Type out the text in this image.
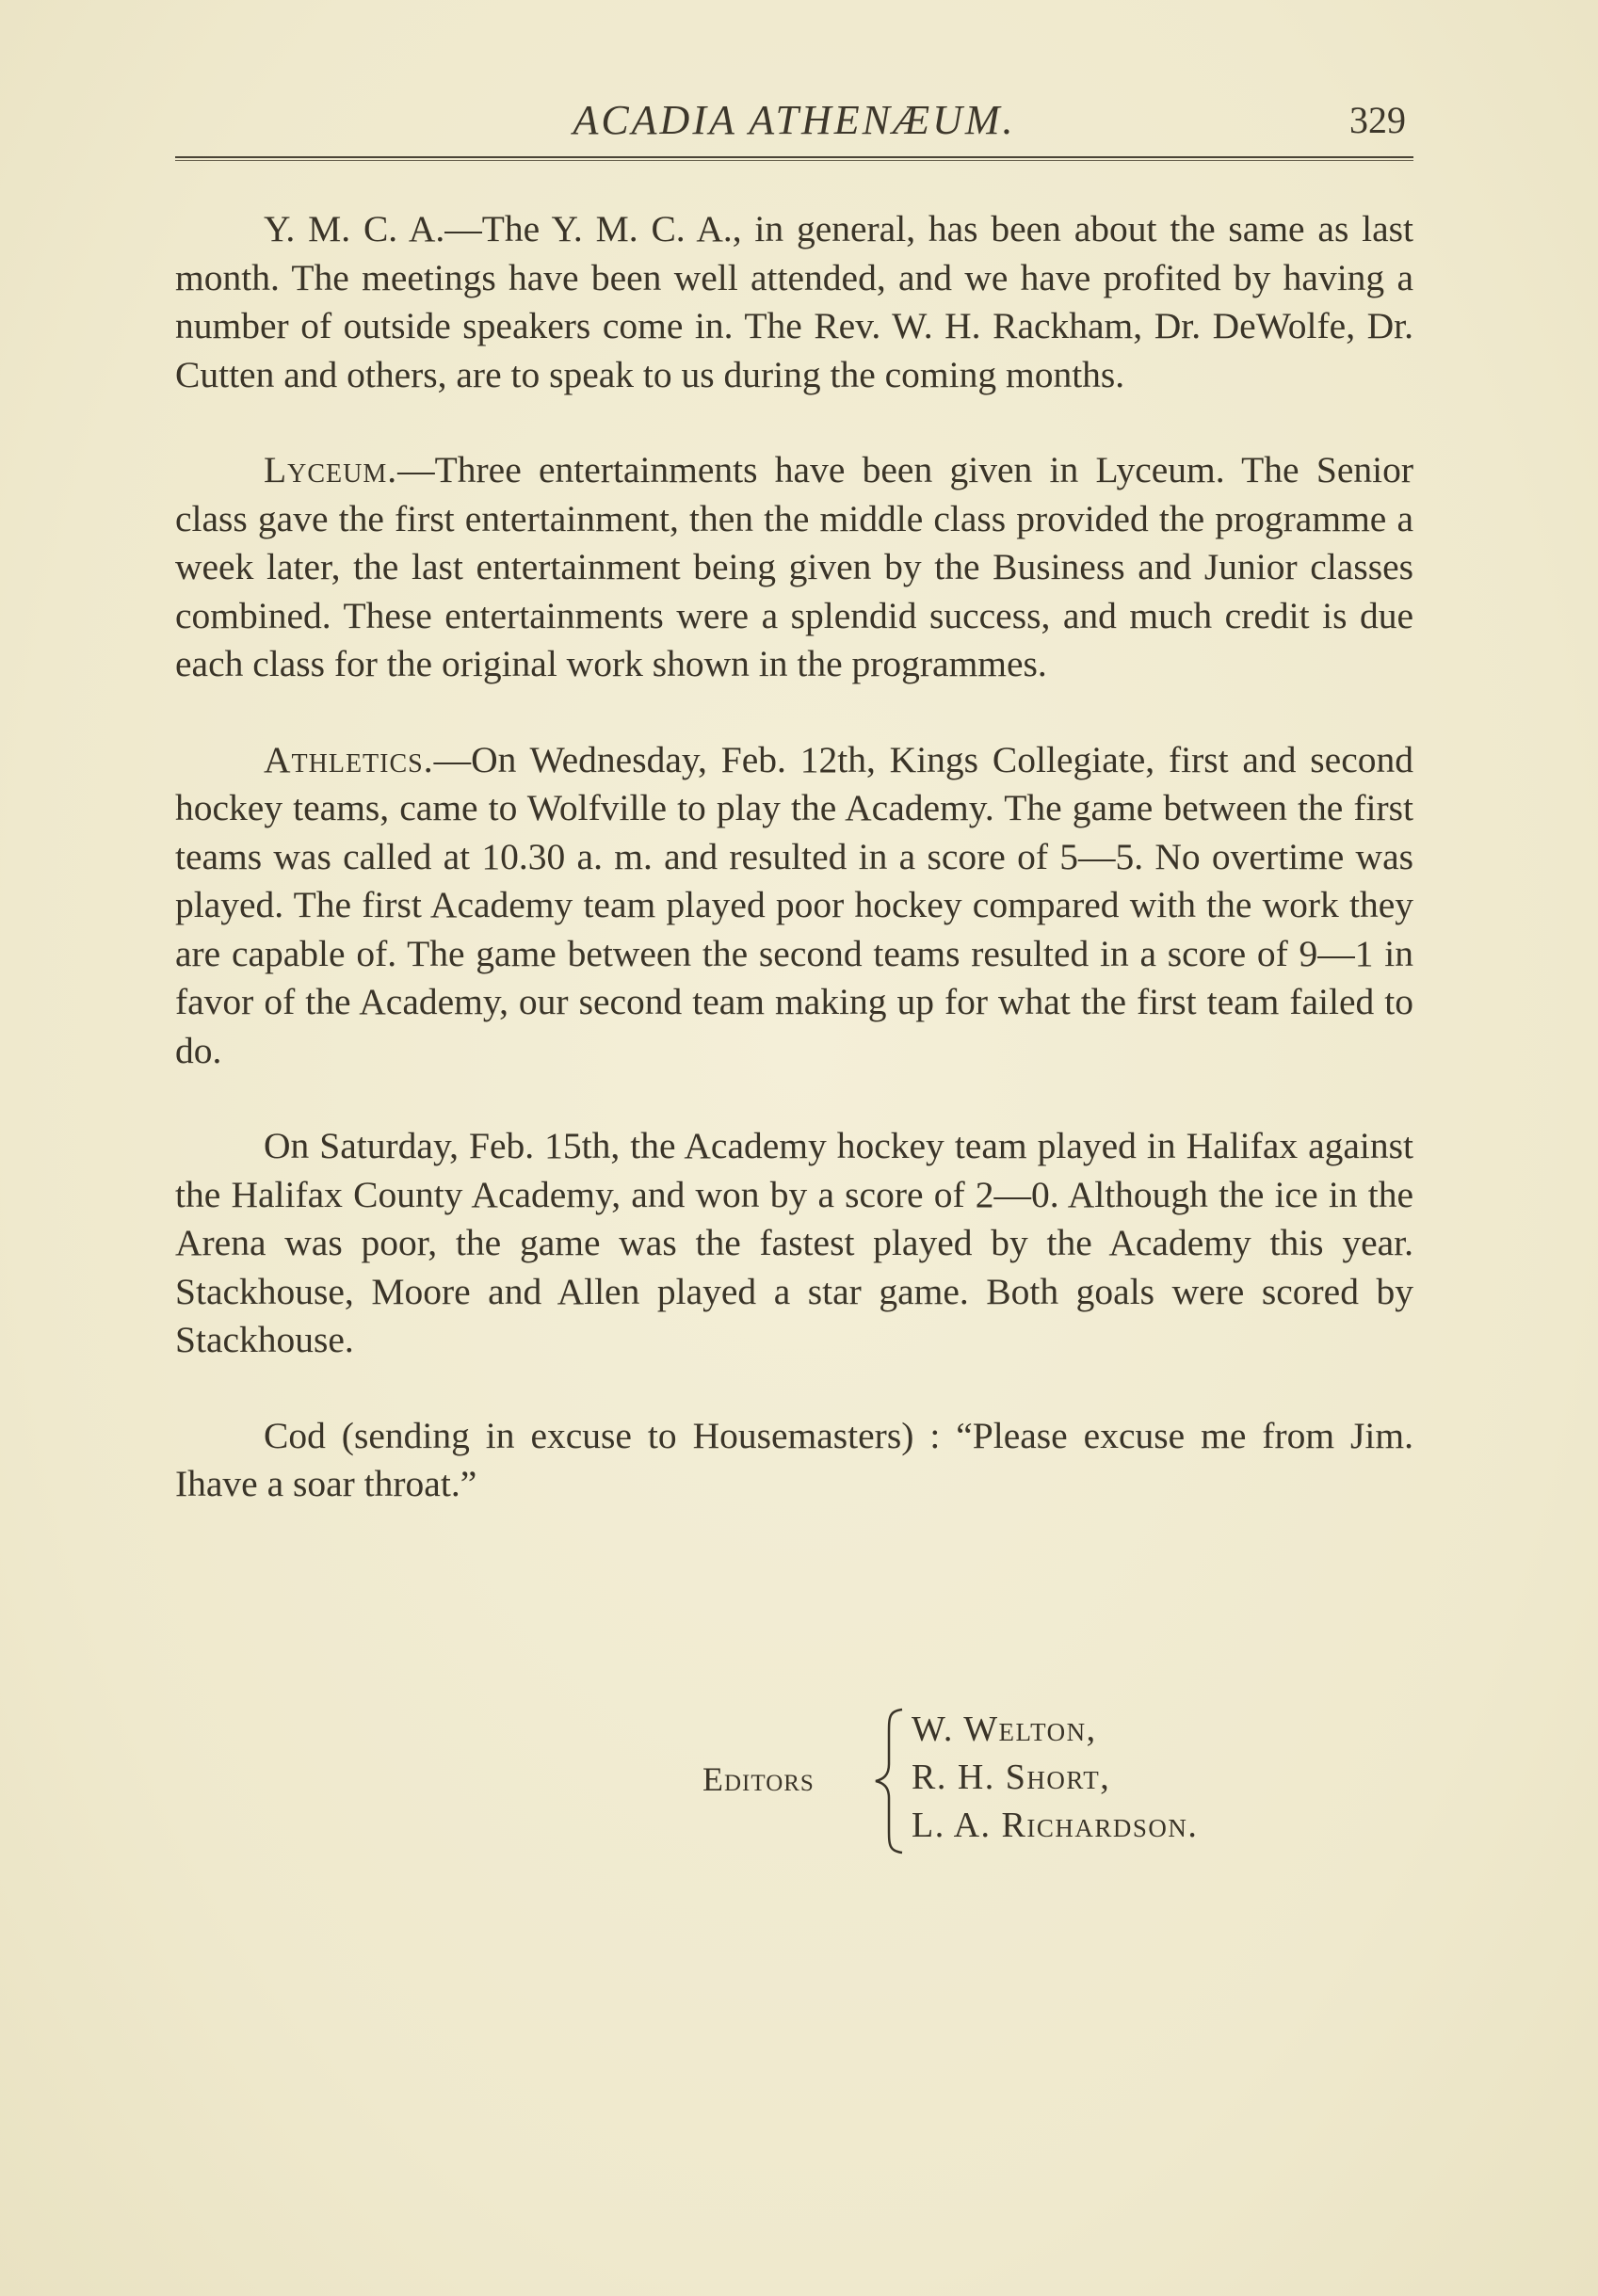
ACADIA ATHENÆUM.	329

Y. M. C. A.—The Y. M. C. A., in general, has been about the same as last month. The meetings have been well attended, and we have profited by having a number of outside speakers come in. The Rev. W. H. Rackham, Dr. DeWolfe, Dr. Cutten and others, are to speak to us during the coming months.

Lyceum.—Three entertainments have been given in Lyceum. The Senior class gave the first entertainment, then the middle class provided the programme a week later, the last entertainment being given by the Business and Junior classes combined. These entertainments were a splendid success, and much credit is due each class for the original work shown in the programmes.

Athletics.—On Wednesday, Feb. 12th, Kings Collegiate, first and second hockey teams, came to Wolfville to play the Academy. The game between the first teams was called at 10.30 a. m. and resulted in a score of 5—5. No overtime was played. The first Academy team played poor hockey compared with the work they are capable of. The game between the second teams resulted in a score of 9—1 in favor of the Academy, our second team making up for what the first team failed to do.

On Saturday, Feb. 15th, the Academy hockey team played in Halifax against the Halifax County Academy, and won by a score of 2—0. Although the ice in the Arena was poor, the game was the fastest played by the Academy this year. Stackhouse, Moore and Allen played a star game. Both goals were scored by Stackhouse.

Cod (sending in excuse to Housemasters) : “Please excuse me from Jim. Ihave a soar throat.”

Editors
W. Welton,
R. H. Short,
L. A. Richardson.
